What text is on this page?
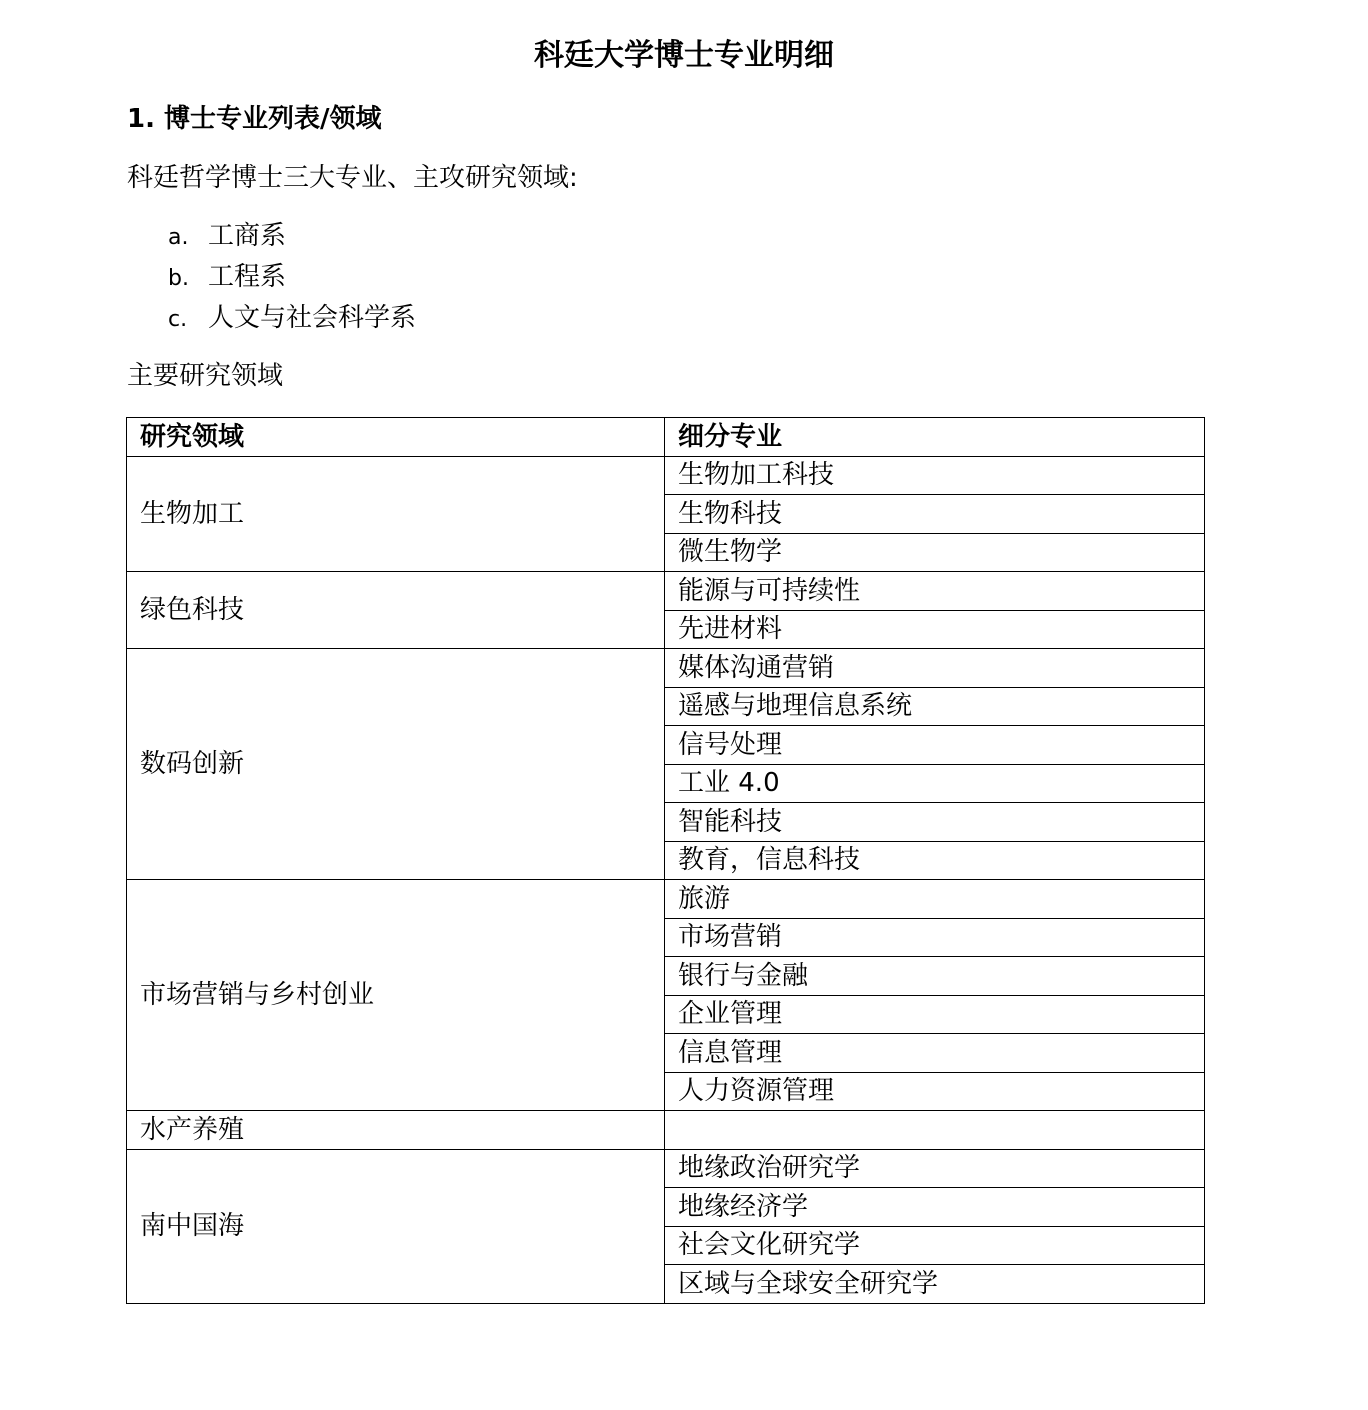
科廷大学博士专业明细
1. 博士专业列表/领域

科廷哲学博士三大专业、主攻研究领域:

a. 工商系
b. 工程系
c. 人文与社会科学系

主要研究领域

研究领域	细分专业
生物加工	生物加工科技
	生物科技
	微生物学
绿色科技	能源与可持续性
	先进材料
数码创新	媒体沟通营销
	遥感与地理信息系统
	信号处理
	工业 4.0
	智能科技
	教育，信息科技
市场营销与乡村创业	旅游
	市场营销
	银行与金融
	企业管理
	信息管理
	人力资源管理
水产养殖	
南中国海	地缘政治研究学
	地缘经济学
	社会文化研究学
	区域与全球安全研究学
